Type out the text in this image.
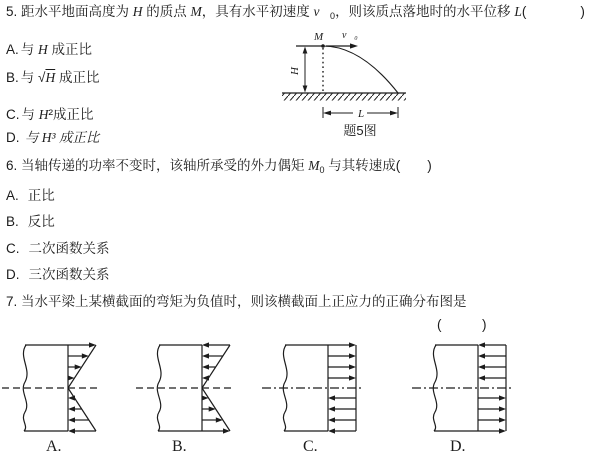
5. 距水平地面高度为 H 的质点 M，具有水平初速度 $v⃗_0$，则该质点落地时的水平位移 L(　　　　)
A. 与 H 成正比
B. 与 √H 成正比
C. 与 H²成正比
D. 与 H³ 成正比
M v⃗₀
H
L
题5图
6. 当轴传递的功率不变时，该轴所承受的外力偶矩 $M_0$ 与其转速成(　　)
A. 正比
B. 反比
C. 二次函数关系
D. 三次函数关系
7. 当水平梁上某横截面的弯矩为负值时，则该横截面上正应力的正确分布图是
(　　　)
A.	B.	C.	D.
